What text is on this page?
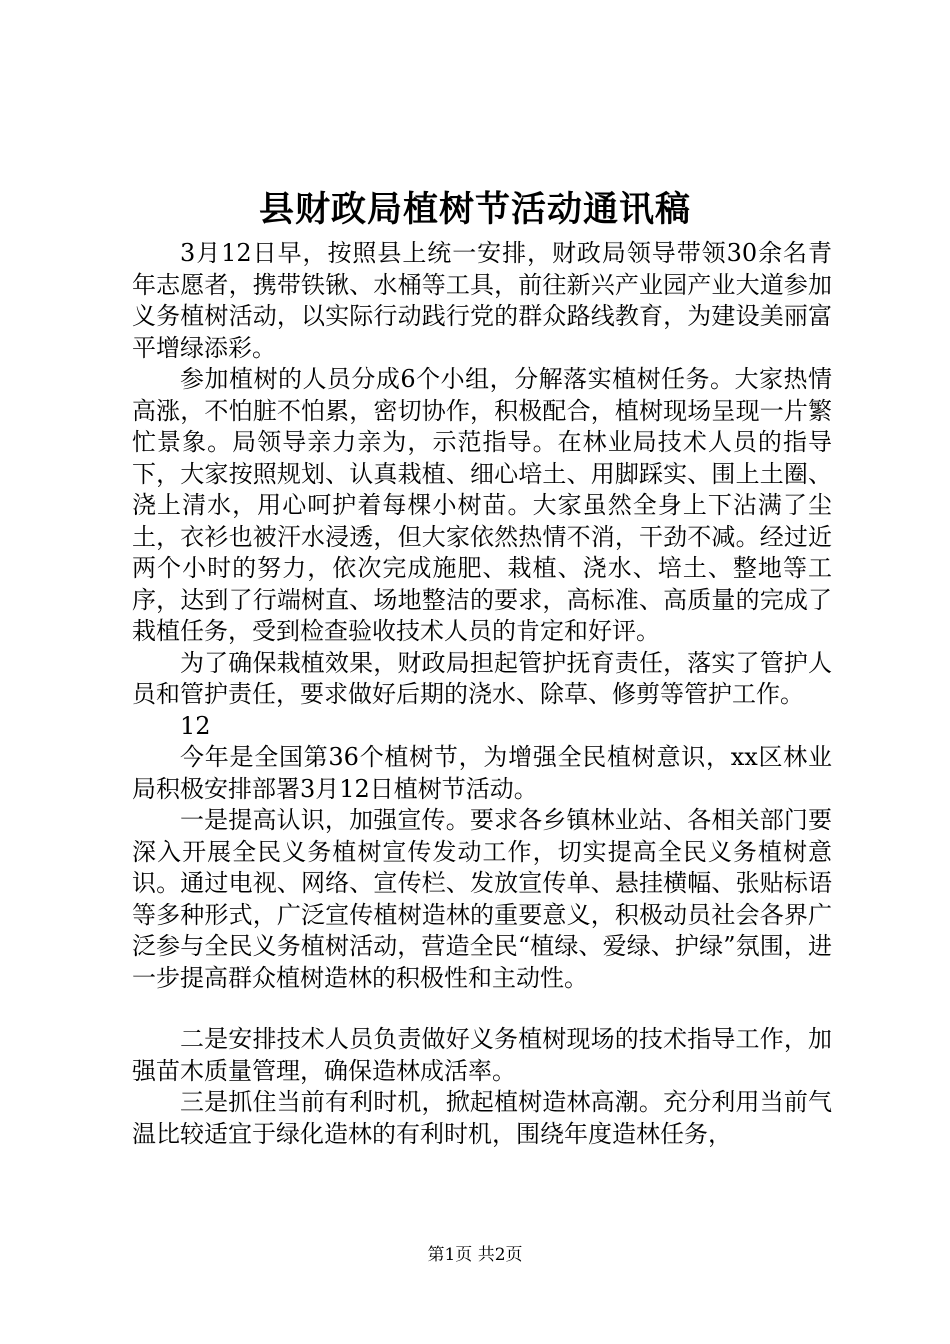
县财政局植树节活动通讯稿

3月12日早，按照县上统一安排，财政局领导带领30余名青年志愿者，携带铁锹、水桶等工具，前往新兴产业园产业大道参加义务植树活动，以实际行动践行党的群众路线教育，为建设美丽富平增绿添彩。

参加植树的人员分成6个小组，分解落实植树任务。大家热情高涨，不怕脏不怕累，密切协作，积极配合，植树现场呈现一片繁忙景象。局领导亲力亲为，示范指导。在林业局技术人员的指导下，大家按照规划、认真栽植、细心培土、用脚踩实、围上土圈、浇上清水，用心呵护着每棵小树苗。大家虽然全身上下沾满了尘土，衣衫也被汗水浸透，但大家依然热情不消，干劲不减。经过近两个小时的努力，依次完成施肥、栽植、浇水、培土、整地等工序，达到了行端树直、场地整洁的要求，高标准、高质量的完成了栽植任务，受到检查验收技术人员的肯定和好评。

为了确保栽植效果，财政局担起管护抚育责任，落实了管护人员和管护责任，要求做好后期的浇水、除草、修剪等管护工作。

12

今年是全国第36个植树节，为增强全民植树意识，xx区林业局积极安排部署3月12日植树节活动。

一是提高认识，加强宣传。要求各乡镇林业站、各相关部门要深入开展全民义务植树宣传发动工作，切实提高全民义务植树意识。通过电视、网络、宣传栏、发放宣传单、悬挂横幅、张贴标语等多种形式，广泛宣传植树造林的重要意义，积极动员社会各界广泛参与全民义务植树活动，营造全民“植绿、爱绿、护绿”氛围，进一步提高群众植树造林的积极性和主动性。

二是安排技术人员负责做好义务植树现场的技术指导工作，加强苗木质量管理，确保造林成活率。

三是抓住当前有利时机，掀起植树造林高潮。充分利用当前气温比较适宜于绿化造林的有利时机，围绕年度造林任务，

第1页 共2页
